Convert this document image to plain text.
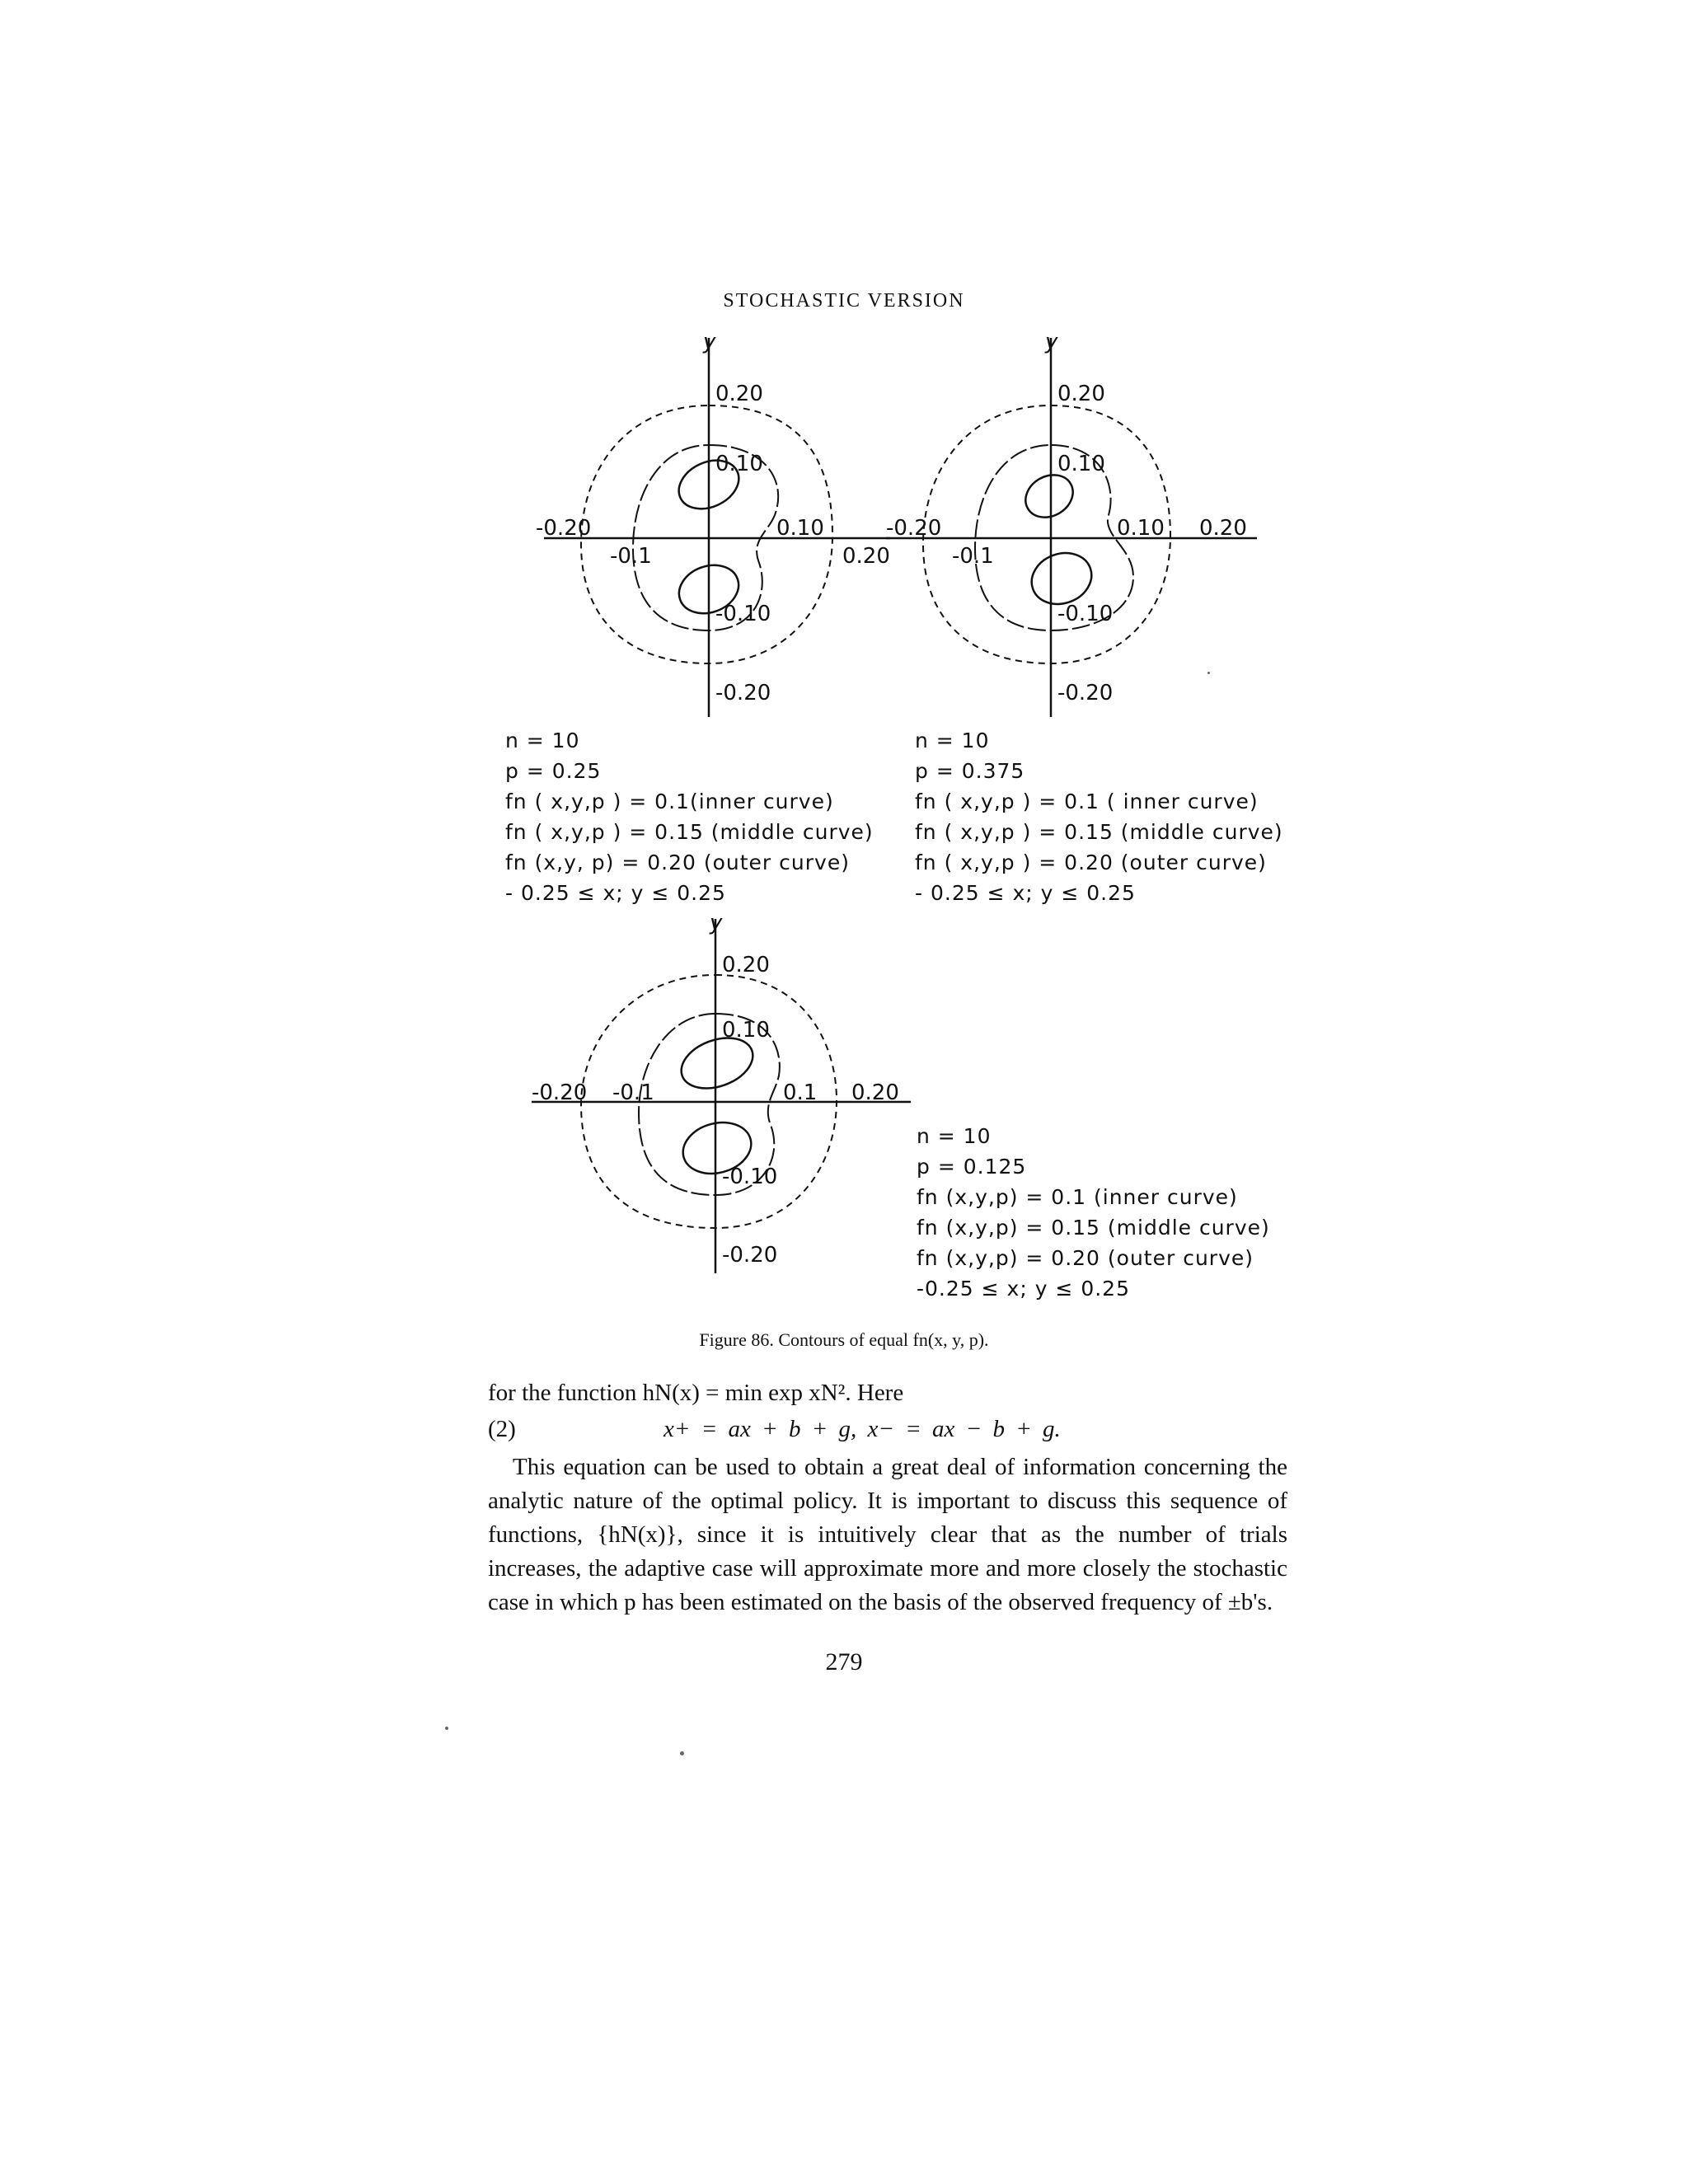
STOCHASTIC VERSION
y
0.20
-0.20
-0.20
0.20
0.10
-0.10
-0.1
0.10
n = 10
p = 0.25
fn ( x,y,p ) = 0.1(inner curve)
fn ( x,y,p ) = 0.15 (middle curve)
fn (x,y, p) = 0.20 (outer curve)
- 0.25 ≤ x; y ≤ 0.25
y
0.20
-0.20
-0.20	0.20
0.10
-0.10
-0.1
0.10
n = 10
p = 0.375
fn ( x,y,p ) = 0.1 ( inner curve)
fn ( x,y,p ) = 0.15 (middle curve)
fn ( x,y,p ) = 0.20 (outer curve)
- 0.25 ≤ x; y ≤ 0.25
y
0.20
-0.20
-0.20	0.20
0.10
-0.10
-0.1	0.1
n = 10
p = 0.125
fn (x,y,p) = 0.1 (inner curve)
fn (x,y,p) = 0.15 (middle curve)
fn (x,y,p) = 0.20 (outer curve)
-0.25 ≤ x; y ≤ 0.25
Figure 86. Contours of equal fn(x, y, p).
for the function hN(x) = min exp xN². Here
(2)	x+ = ax + b + g, x− = ax − b + g.
This equation can be used to obtain a great deal of information concerning the analytic nature of the optimal policy. It is important to discuss this sequence of functions, {hN(x)}, since it is intuitively clear that as the number of trials increases, the adaptive case will approximate more and more closely the stochastic case in which p has been estimated on the basis of the observed frequency of ±b's.
279
